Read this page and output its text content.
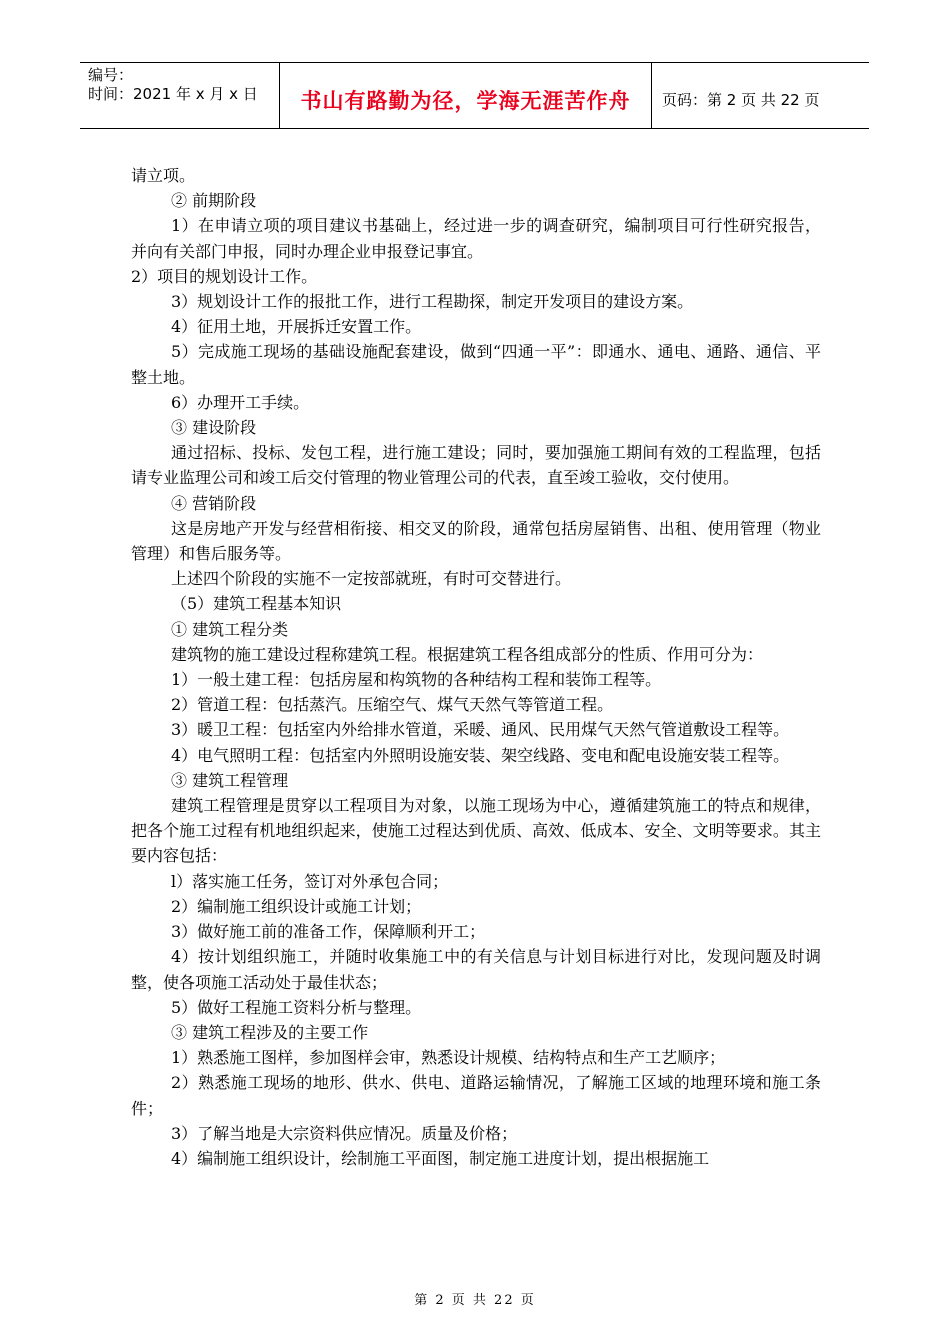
编号：
时间：2021 年 x 月 x 日	书山有路勤为径，学海无涯苦作舟	页码：第 2 页 共 22 页
请立项。
② 前期阶段
1）在申请立项的项目建议书基础上，经过进一步的调查研究，编制项目可行性研究报告，并向有关部门申报，同时办理企业申报登记事宜。
2）项目的规划设计工作。
3）规划设计工作的报批工作，进行工程勘探，制定开发项目的建设方案。
4）征用土地，开展拆迁安置工作。
5）完成施工现场的基础设施配套建设，做到“四通一平”：即通水、通电、通路、通信、平整土地。
6）办理开工手续。
③ 建设阶段
通过招标、投标、发包工程，进行施工建设；同时，要加强施工期间有效的工程监理，包括请专业监理公司和竣工后交付管理的物业管理公司的代表，直至竣工验收，交付使用。
④ 营销阶段
这是房地产开发与经营相衔接、相交叉的阶段，通常包括房屋销售、出租、使用管理（物业管理）和售后服务等。
上述四个阶段的实施不一定按部就班，有时可交替进行。
（5）建筑工程基本知识
① 建筑工程分类
建筑物的施工建设过程称建筑工程。根据建筑工程各组成部分的性质、作用可分为：
1）一般土建工程：包括房屋和构筑物的各种结构工程和装饰工程等。
2）管道工程：包括蒸汽。压缩空气、煤气天然气等管道工程。
3）暖卫工程：包括室内外给排水管道，采暖、通风、民用煤气天然气管道敷设工程等。
4）电气照明工程：包括室内外照明设施安装、架空线路、变电和配电设施安装工程等。
③ 建筑工程管理
建筑工程管理是贯穿以工程项目为对象，以施工现场为中心，遵循建筑施工的特点和规律，把各个施工过程有机地组织起来，使施工过程达到优质、高效、低成本、安全、文明等要求。其主要内容包括：
l）落实施工任务，签订对外承包合同；
2）编制施工组织设计或施工计划；
3）做好施工前的准备工作，保障顺利开工；
4）按计划组织施工，并随时收集施工中的有关信息与计划目标进行对比，发现问题及时调整，使各项施工活动处于最佳状态；
5）做好工程施工资料分析与整理。
③ 建筑工程涉及的主要工作
1）熟悉施工图样，参加图样会审，熟悉设计规模、结构特点和生产工艺顺序；
2）熟悉施工现场的地形、供水、供电、道路运输情况，了解施工区域的地理环境和施工条件；
3）了解当地是大宗资料供应情况。质量及价格；
4）编制施工组织设计，绘制施工平面图，制定施工进度计划，提出根据施工
第 2 页 共 22 页
